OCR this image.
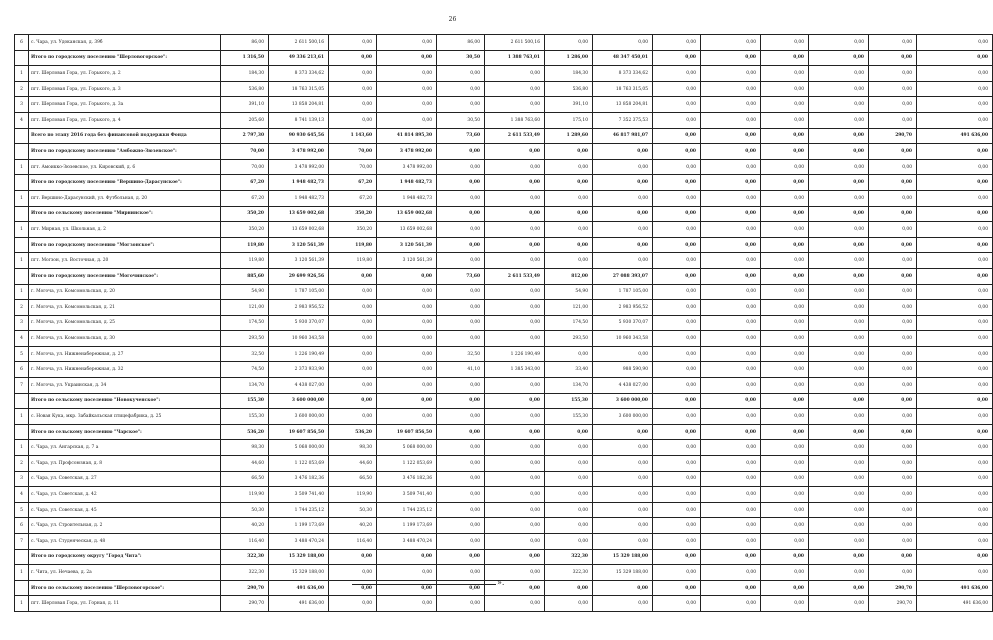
26
6	с. Чара, ул. Удоканская, д. 39б	86,00	2 611 500,16	0,00	0,00	86,00	2 611 500,16	0,00	0,00	0,00	0,00	0,00	0,00	0,00	0,00
	Итого по городскому поселению "Шерловогорское":	1 316,50	49 336 213,61	0,00	0,00	30,50	1 388 763,01	1 286,00	48 347 450,01	0,00	0,00	0,00	0,00	0,00	0,00
1	пгт. Шерловая Гора, ул. Горького, д. 2	184,30	8 373 334,62	0,00	0,00	0,00	0,00	184,30	8 373 334,62	0,00	0,00	0,00	0,00	0,00	0,00
2	пгт. Шерловая Гора, ул. Горького, д. 3	536,80	18 763 315,05	0,00	0,00	0,00	0,00	536,80	18 763 315,05	0,00	0,00	0,00	0,00	0,00	0,00
3	пгт. Шерловая Гора, ул. Горького, д. 3а	391,10	13 858 204,81	0,00	0,00	0,00	0,00	391,10	13 858 204,81	0,00	0,00	0,00	0,00	0,00	0,00
4	пгт. Шерловая Гора, ул. Горького, д. 4	205,60	8 741 139,13	0,00	0,00	30,50	1 388 763,60	175,10	7 352 375,53	0,00	0,00	0,00	0,00	0,00	0,00
	Всего по этапу 2016 года без финансовой поддержки Фонда	2 797,30	90 930 645,56	1 143,60	41 814 895,30	73,60	2 611 533,49	1 289,60	46 817 981,07	0,00	0,00	0,00	0,00	290,70	491 636,00
	Итого по городскому поселению "Амбожно-Зюзевское":	70,00	3 478 992,00	70,00	3 478 992,00	0,00	0,00	0,00	0,00	0,00	0,00	0,00	0,00	0,00	0,00
1	пгт. Амоикко-Зюзевское, ул. Кировский, д. 6	70,00	3 478 992,00	70,00	3 478 992,00	0,00	0,00	0,00	0,00	0,00	0,00	0,00	0,00	0,00	0,00
	Итого по городскому поселению "Вершино-Дарасунское":	67,20	1 948 482,73	67,20	1 948 482,73	0,00	0,00	0,00	0,00	0,00	0,00	0,00	0,00	0,00	0,00
1	пгт. Вершино-Дарасунский, ул. Футбольная, д. 20	67,20	1 948 482,73	67,20	1 948 482,73	0,00	0,00	0,00	0,00	0,00	0,00	0,00	0,00	0,00	0,00
	Итого по сельскому поселению "Мирнинское":	350,20	13 659 002,68	350,20	13 659 002,68	0,00	0,00	0,00	0,00	0,00	0,00	0,00	0,00	0,00	0,00
1	пгт. Мирная, ул. Школьная, д. 2	350,20	13 659 002,68	350,20	13 659 002,68	0,00	0,00	0,00	0,00	0,00	0,00	0,00	0,00	0,00	0,00
	Итого по городскому поселению "Могзонское":	119,80	3 120 561,39	119,80	3 120 561,39	0,00	0,00	0,00	0,00	0,00	0,00	0,00	0,00	0,00	0,00
1	пгт. Могзон, ул. Восточная, д. 20	119,80	3 120 561,39	119,80	3 120 561,39	0,00	0,00	0,00	0,00	0,00	0,00	0,00	0,00	0,00	0,00
	Итого по городскому поселению "Могочинское":	885,60	29 699 926,56	0,00	0,00	73,60	2 611 533,49	812,00	27 088 393,07	0,00	0,00	0,00	0,00	0,00	0,00
1	г. Могоча, ул. Комсомольская, д. 20	54,90	1 787 105,00	0,00	0,00	0,00	0,00	54,90	1 787 105,00	0,00	0,00	0,00	0,00	0,00	0,00
2	г. Могоча, ул. Комсомольская, д. 21	121,00	2 983 956,52	0,00	0,00	0,00	0,00	121,00	2 983 956,52	0,00	0,00	0,00	0,00	0,00	0,00
3	г. Могоча, ул. Комсомольская, д. 25	174,50	5 930 370,07	0,00	0,00	0,00	0,00	174,50	5 930 370,07	0,00	0,00	0,00	0,00	0,00	0,00
4	г. Могоча, ул. Комсомольская, д. 30	293,50	10 960 343,58	0,00	0,00	0,00	0,00	293,50	10 960 343,58	0,00	0,00	0,00	0,00	0,00	0,00
5	г. Могоча, ул. Нижненабережная, д. 27	32,50	1 226 190,49	0,00	0,00	32,50	1 226 190,49	0,00	0,00	0,00	0,00	0,00	0,00	0,00	0,00
6	г. Могоча, ул. Нижненабережная, д. 32	74,50	2 373 933,90	0,00	0,00	41,10	1 385 343,00	33,40	988 590,90	0,00	0,00	0,00	0,00	0,00	0,00
7	г. Могоча, ул. Украинская, д. 34	134,70	4 438 027,00	0,00	0,00	0,00	0,00	134,70	4 438 027,00	0,00	0,00	0,00	0,00	0,00	0,00
	Итого по сельскому поселению "Новокученское":	155,30	3 600 000,00	0,00	0,00	0,00	0,00	155,30	3 600 000,00	0,00	0,00	0,00	0,00	0,00	0,00
1	с. Новая Кука, мкр. Забайкальская птицефабрика, д. 25	155,30	3 600 000,00	0,00	0,00	0,00	0,00	155,30	3 600 000,00	0,00	0,00	0,00	0,00	0,00	0,00
	Итого по сельскому поселению "Чарское":	536,20	19 607 856,50	536,20	19 607 856,50	0,00	0,00	0,00	0,00	0,00	0,00	0,00	0,00	0,00	0,00
1	с. Чара, ул. Ангарская, д. 7 а	98,30	5 068 000,00	98,30	5 068 000,00	0,00	0,00	0,00	0,00	0,00	0,00	0,00	0,00	0,00	0,00
2	с. Чара, ул. Профсоюзная, д. 8	44,60	1 122 053,69	44,60	1 122 053,69	0,00	0,00	0,00	0,00	0,00	0,00	0,00	0,00	0,00	0,00
3	с. Чара, ул. Советская, д. 27	66,50	3 476 182,36	66,50	3 476 182,36	0,00	0,00	0,00	0,00	0,00	0,00	0,00	0,00	0,00	0,00
4	с. Чара, ул. Советская, д. 42	119,90	3 509 741,40	119,90	3 509 741,40	0,00	0,00	0,00	0,00	0,00	0,00	0,00	0,00	0,00	0,00
5	с. Чара, ул. Советская, д. 45	50,30	1 744 235,12	50,30	1 744 235,12	0,00	0,00	0,00	0,00	0,00	0,00	0,00	0,00	0,00	0,00
6	с. Чара, ул. Строительная, д. 2	40,20	1 199 173,69	40,20	1 199 173,69	0,00	0,00	0,00	0,00	0,00	0,00	0,00	0,00	0,00	0,00
7	с. Чара, ул. Студенческая, д. 48	116,40	3 488 470,24	116,40	3 488 470,24	0,00	0,00	0,00	0,00	0,00	0,00	0,00	0,00	0,00	0,00
	Итого по городскому округу "Город Чита":	322,30	15 329 188,00	0,00	0,00	0,00	0,00	322,30	15 329 188,00	0,00	0,00	0,00	0,00	0,00	0,00
1	г. Чита, ул. Нечаева, д. 2а	322,30	15 329 188,00	0,00	0,00	0,00	0,00	322,30	15 329 188,00	0,00	0,00	0,00	0,00	0,00	0,00
	Итого по сельскому поселению "Шерловогорское":	290,70	491 636,00	0,00	0,00	0,00	0,00	0,00	0,00	0,00	0,00	0,00	0,00	290,70	491 636,00
1	пгт. Шерловая Гора, ул. Горная, д. 11	290,70	491 636,00	0,00	0,00	0,00	0,00	0,00	0,00	0,00	0,00	0,00	0,00	290,70	491 636,00
».
